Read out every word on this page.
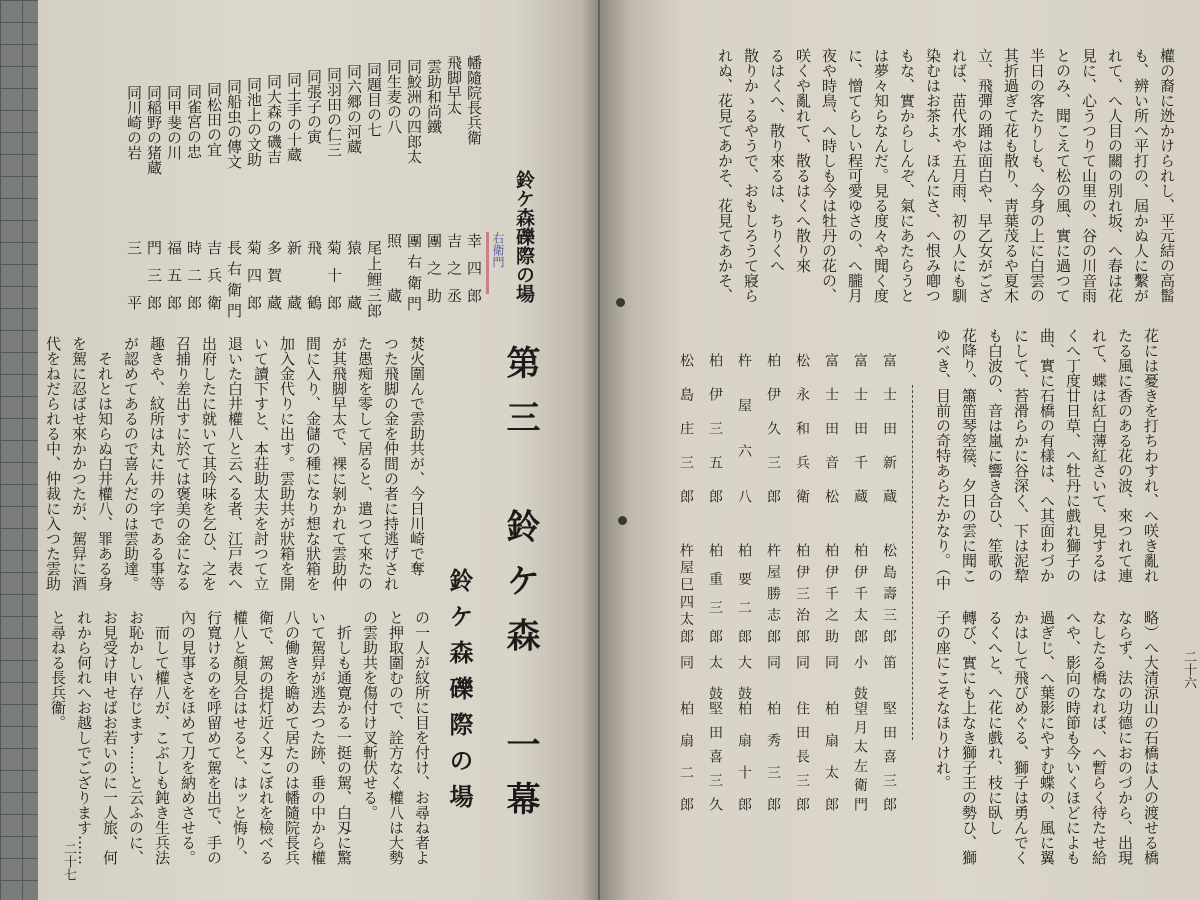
鈴ケ森礫際の場
右衛門
幡隨院長兵衛
幸四郎
飛脚早太
吉之丞
雲助和尚鐵
團之助
同鮫洲の四郎太
團右衛門
同生麦の八
照蔵
同題目の七
尾上鯉三郎
同六郷の河蔵
猿蔵
同羽田の仁三
菊十郎
同張子の寅
飛鶴
同土手の十蔵
新蔵
同大森の磯吉
多賀蔵
同池上の文助
菊四郎
同船虫の傳文
長右衛門
同松田の宜
吉兵衛
同雀宮の忠
時二郎
同甲斐の川
福五郎
同稲野の猪蔵
門三郎
同川崎の岩
三平
第三　鈴ケ森　一幕
鈴ケ森礫際の場
焚火圍んで雲助共が、今日川崎で奪
つた飛脚の金を仲間の者に持逃げされ
た愚痴を零して居ると、遣つて來たの
が其飛脚早太で、裸に剝かれて雲助仲
間に入り、金儲の種になり想な狀箱を
加入金代りに出す。雲助共が狀箱を開
いて讀下すと、本荘助太夫を討つて立
退いた白井權八と云へる者、江戸表へ
出府したに就いて其吟味を乞ひ、之を
召捕り差出すに於ては褒美の金になる
趣きや、紋所は丸に井の字である事等
が認めてあるので喜んだのは雲助達。
　それとは知らぬ白井權八、罪ある身
を駕に忍ばせ來かかつたが、駕舁に酒
代をねだられる中、仲裁に入つた雲助
の一人が紋所に目を付け、お尋ね者よ
と押取圍むので、詮方なく權八は大勢
の雲助共を傷付け叉斬伏せる。
　折しも通寛かる一挺の駕、白刄に驚
いて駕舁が逃去つた跡、垂の中から權
八の働きを瞻めて居たのは幡隨院長兵
衛で、駕の提灯近く刄こぼれを檢べる
權八と顏見合はせると、はッと悔り、
行寬けるのを呼留めて駕を出で、手の
內の見事さをほめて刀を納めさせる。
　而して權八が、こぶしも鈍き生兵法
お恥かしい存じます……と云ふのに、
お見受け申せばお若いのに一人旅、何
れから何れへお越しでござります……
と尋ねる長兵衞。
二十七
權の裔に迯かけられし、平元結の高髷
も、辨い所へ平打の、屆かぬ人に繫が
れて、へ人目の關の別れ坂、へ春は花
見に、心うつりて山里の、谷の川音雨
とのみ、聞こえて松の風、實に過つて
半日の客たりしも、今身の上に白雲の
其折過ぎて花も散り、靑葉茂るや夏木
立、飛彈の踊は面白や、早乙女がござ
れば、苗代水や五月雨、初の人にも馴
染むはお茶よ、ほんにさ、へ恨み喞つ
もな、實からしんぞ、氣にあたらうと
は夢々知らなんだ。見る度々や聞く度
に、憎てらしい程可愛ゆさの、へ朧月
夜や時鳥、へ時しも今は牡丹の花の、
咲くや亂れて、散るはくへ散り來
るはくへ、散り來るは、ちりくへ
散りかゝるやうで、おもしろうて寢ら
れぬ、花見てあかそ、花見てあかそ、
富士田新蔵
松島壽三郎
笛
堅田喜三郎
富士田千蔵
柏伊千太郎
小鼓
望月太左衛門
富士田音松
柏伊千之助
同
柏扇太郎
松永和兵衛
柏伊三治郎
同
住田長三郎
柏伊久三郎
杵屋勝志郎
同
柏秀三郎
杵屋六八
柏要二郎
大鼓
柏扇十郎
柏伊三五郎
柏重三郎
太鼓
堅田喜三久
松島庄三郎
杵屋巳四太郎
同
柏扇二郎
花には憂きを打ちわすれ、へ咲き亂れ
たる風に香のある花の波、來つれて連
れて、蝶は紅白薄紅さいて、見するは
くへ丁度廿日草、へ牡丹に戲れ獅子の
曲、實に石橋の有樣は、へ其面わづか
にして、苔滑らかに谷深く、下は泥犂
も白波の、音は嵐に響き合ひ、笙歌の
花降り、簫笛琴箜篌、夕日の雲に聞こ
ゆべき、目前の奇特あらたかなり。（中
略）へ大清涼山の石橋は人の渡せる橋
ならず、法の功德におのづから、出現
なしたる橋なれば、へ暫らく待たせ給
へや、影向の時節も今いくほどによも
過ぎじ、へ葉影にやすむ蝶の、風に翼
かはして飛びめぐる、獅子は勇んでく
るくへと、へ花に戲れ、枝に臥し
轉び、實にも上なき獅子王の勢ひ、獅
子の座にこそなほりけれ。	二十六
